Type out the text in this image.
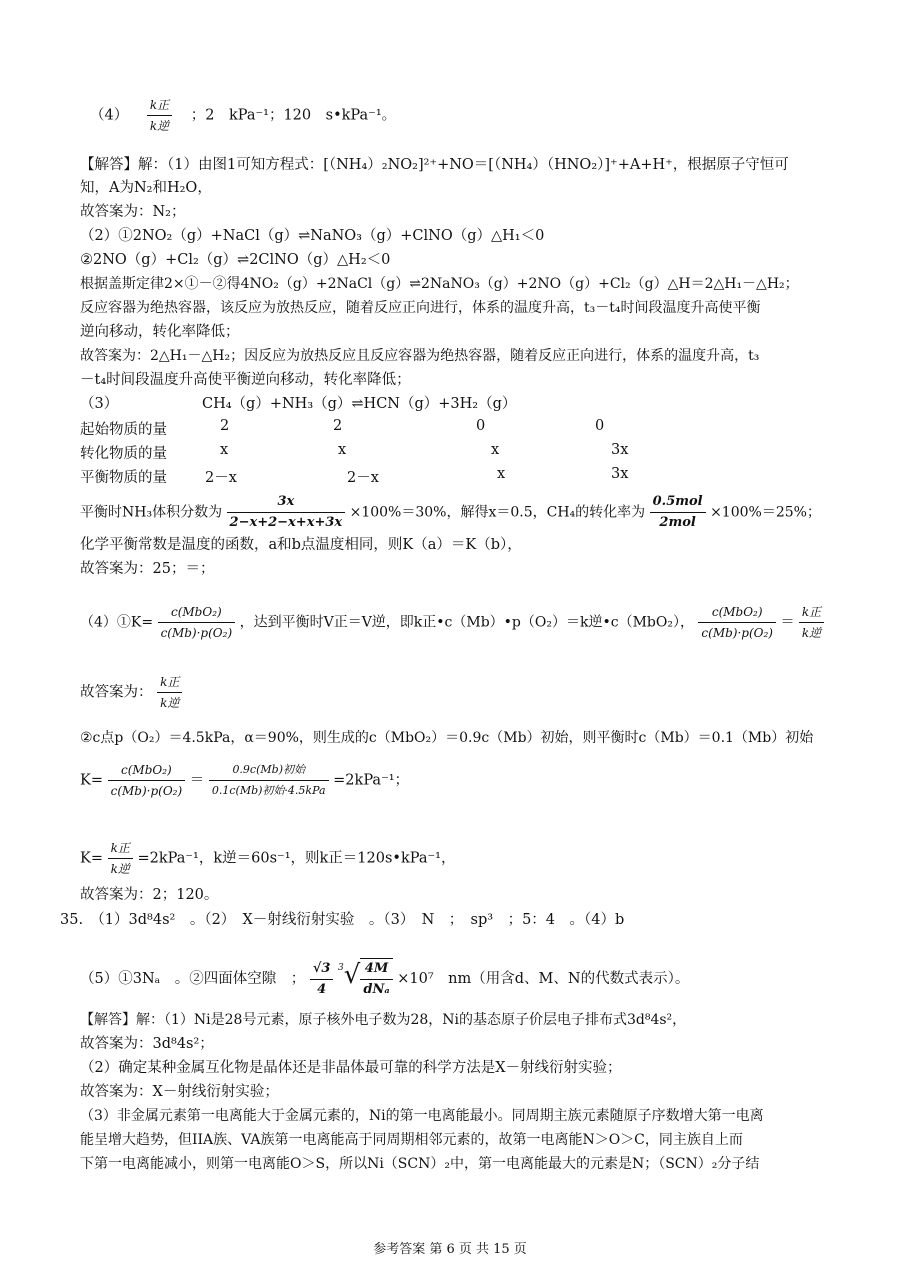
$(4) \frac{\text{k正}}{\text{k逆}}$ ；2　kPa⁻¹；120　s•kPa⁻¹。
【解答】解：（1）由图1可知方程式：[（NH₄）₂NO₂]²⁺+NO＝[（NH₄）（HNO₂）]⁺+A+H⁺，根据原子守恒可
知，A为N₂和H₂O，
故答案为：N₂；
（2）①2NO₂（g）+NaCl（g）⇌NaNO₃（g）+ClNO（g）△H₁＜0
②2NO（g）+Cl₂（g）⇌2ClNO（g）△H₂＜0
根据盖斯定律2×①－②得4NO₂（g）+2NaCl（g）⇌2NaNO₃（g）+2NO（g）+Cl₂（g）△H＝2△H₁－△H₂；
反应容器为绝热容器，该反应为放热反应，随着反应正向进行，体系的温度升高，t₃－t₄时间段温度升高使平衡
逆向移动，转化率降低；
故答案为：2△H₁－△H₂；因反应为放热反应且反应容器为绝热容器，随着反应正向进行，体系的温度升高，t₃
－t₄时间段温度升高使平衡逆向移动，转化率降低；
（3）	CH₄（g）+NH₃（g）⇌HCN（g）+3H₂（g）
起始物质的量	2	2	0	0
转化物质的量	x	x	x	3x
平衡物质的量	2－x	2－x	x	3x
平衡时NH₃体积分数为 $\frac{3x}{2-x+2-x+x+3x} \times 100\%=30\%$，解得x＝0.5，CH₄的转化率为 $\frac{\text{0.5mol}}{\text{2mol}} \times 100\%=25\%$；
化学平衡常数是温度的函数，a和b点温度相同，则K（a）＝K（b），
故答案为：25；＝；
（4）①K= $\frac{\text{c(MbO₂)}}{\text{c(Mb)·p(O₂)}}$ ，达到平衡时V正＝V逆，即k正•c（Mb）•p（O₂）＝k逆•c（MbO₂）， $\frac{\text{c(MbO₂)}}{\text{c(Mb)·p(O₂)}} = \frac{\text{k正}}{\text{k逆}}$
故答案为： $\frac{\text{k正}}{\text{k逆}}$
②c点p（O₂）＝4.5kPa，α＝90%，则生成的c（MbO₂）＝0.9c（Mb）初始，则平衡时c（Mb）＝0.1（Mb）初始
$K= \frac{\text{c(MbO₂)}}{\text{c(Mb)·p(O₂)}} = \frac{\text{0.9c(Mb)初始}}{\text{0.1c(Mb)初始·4.5kPa}} =2kPa^{-1}$；
$K= \frac{\text{k正}}{\text{k逆}} =2kPa^{-1}$，k逆＝60s⁻¹，则k正＝120s•kPa⁻¹，
故答案为：2；120。
35.　（1）3d⁸4s²　。（2）　X－射线衍射实验　。（3）　N　；　sp³　；5：4　。（4）b
（5）①3Nₐ　。②四面体空隙　； $\frac{√3}{4} ^3√ \frac{4M}{\text{dNₐ}} \times 10^7$　nm（用含d、M、N的代数式表示）。
【解答】解：（1）Ni是28号元素，原子核外电子数为28，Ni的基态原子价层电子排布式3d⁸4s²，
故答案为：3d⁸4s²；
（2）确定某种金属互化物是晶体还是非晶体最可靠的科学方法是X－射线衍射实验；
故答案为：X－射线衍射实验；
（3）非金属元素第一电离能大于金属元素的，Ni的第一电离能最小。同周期主族元素随原子序数增大第一电离
能呈增大趋势，但IIA族、VA族第一电离能高于同周期相邻元素的，故第一电离能N＞O＞C，同主族自上而
下第一电离能减小，则第一电离能O＞S，所以Ni（SCN）₂中，第一电离能最大的元素是N；（SCN）₂分子结
参考答案 第 6 页 共 15 页
